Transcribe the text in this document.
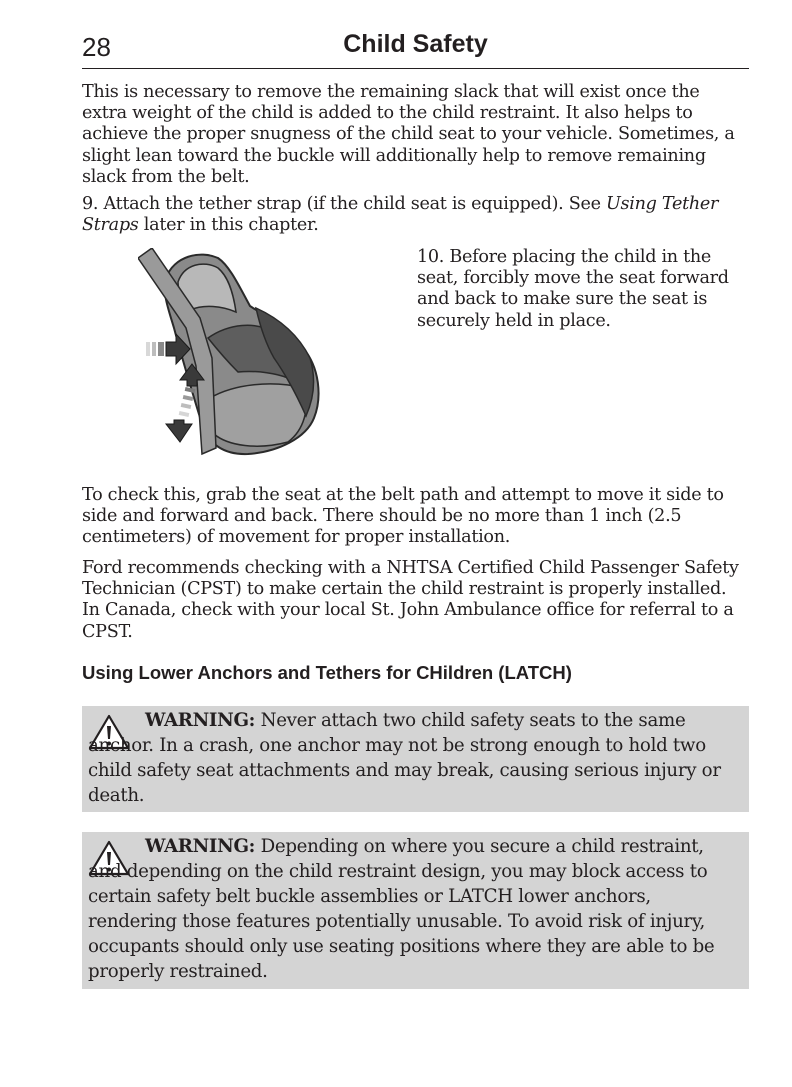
28	Child Safety

This is necessary to remove the remaining slack that will exist once the extra weight of the child is added to the child restraint. It also helps to achieve the proper snugness of the child seat to your vehicle. Sometimes, a slight lean toward the buckle will additionally help to remove remaining slack from the belt.

9. Attach the tether strap (if the child seat is equipped). See Using Tether Straps later in this chapter.

10. Before placing the child in the seat, forcibly move the seat forward and back to make sure the seat is securely held in place.

To check this, grab the seat at the belt path and attempt to move it side to side and forward and back. There should be no more than 1 inch (2.5 centimeters) of movement for proper installation.

Ford recommends checking with a NHTSA Certified Child Passenger Safety Technician (CPST) to make certain the child restraint is properly installed. In Canada, check with your local St. John Ambulance office for referral to a CPST.

Using Lower Anchors and Tethers for CHildren (LATCH)

WARNING: Never attach two child safety seats to the same anchor. In a crash, one anchor may not be strong enough to hold two child safety seat attachments and may break, causing serious injury or death.

WARNING: Depending on where you secure a child restraint, and depending on the child restraint design, you may block access to certain safety belt buckle assemblies or LATCH lower anchors, rendering those features potentially unusable. To avoid risk of injury, occupants should only use seating positions where they are able to be properly restrained.
